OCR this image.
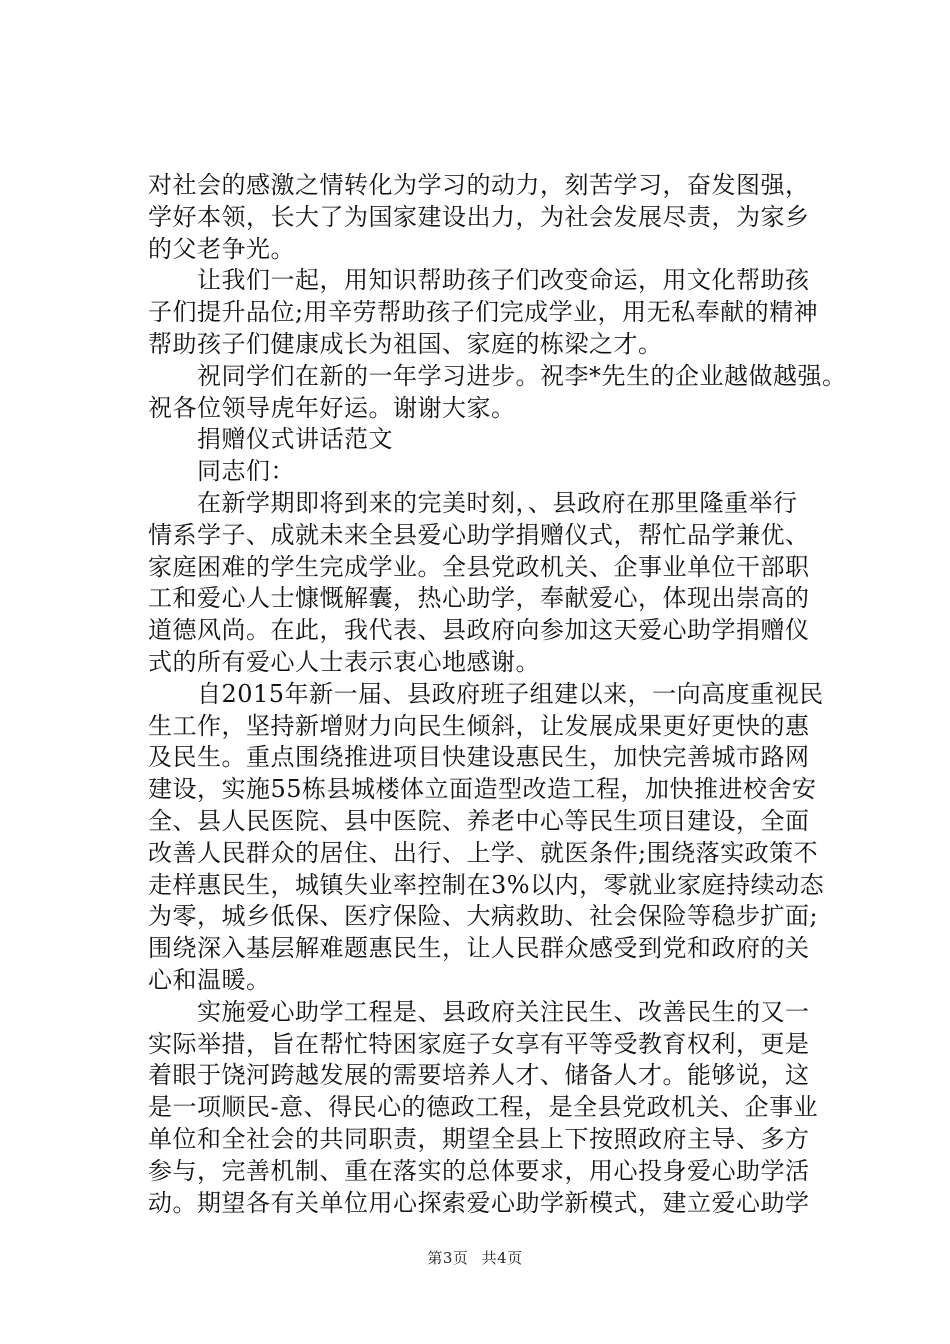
对社会的感激之情转化为学习的动力，刻苦学习，奋发图强，
学好本领，长大了为国家建设出力，为社会发展尽责，为家乡
的父老争光。
　　让我们一起，用知识帮助孩子们改变命运，用文化帮助孩
子们提升品位;用辛劳帮助孩子们完成学业，用无私奉献的精神
帮助孩子们健康成长为祖国、家庭的栋梁之才。
　　祝同学们在新的一年学习进步。祝李*先生的企业越做越强。
祝各位领导虎年好运。谢谢大家。
　　捐赠仪式讲话范文
　　同志们：
　　在新学期即将到来的完美时刻，、县政府在那里隆重举行
情系学子、成就未来全县爱心助学捐赠仪式，帮忙品学兼优、
家庭困难的学生完成学业。全县党政机关、企事业单位干部职
工和爱心人士慷慨解囊，热心助学，奉献爱心，体现出崇高的
道德风尚。在此，我代表、县政府向参加这天爱心助学捐赠仪
式的所有爱心人士表示衷心地感谢。
　　自2015年新一届、县政府班子组建以来，一向高度重视民
生工作，坚持新增财力向民生倾斜，让发展成果更好更快的惠
及民生。重点围绕推进项目快建设惠民生，加快完善城市路网
建设，实施55栋县城楼体立面造型改造工程，加快推进校舍安
全、县人民医院、县中医院、养老中心等民生项目建设，全面
改善人民群众的居住、出行、上学、就医条件;围绕落实政策不
走样惠民生，城镇失业率控制在3%以内，零就业家庭持续动态
为零，城乡低保、医疗保险、大病救助、社会保险等稳步扩面;
围绕深入基层解难题惠民生，让人民群众感受到党和政府的关
心和温暖。
　　实施爱心助学工程是、县政府关注民生、改善民生的又一
实际举措，旨在帮忙特困家庭子女享有平等受教育权利，更是
着眼于饶河跨越发展的需要培养人才、储备人才。能够说，这
是一项顺民-意、得民心的德政工程，是全县党政机关、企事业
单位和全社会的共同职责，期望全县上下按照政府主导、多方
参与，完善机制、重在落实的总体要求，用心投身爱心助学活
动。期望各有关单位用心探索爱心助学新模式，建立爱心助学
第3页 共4页
